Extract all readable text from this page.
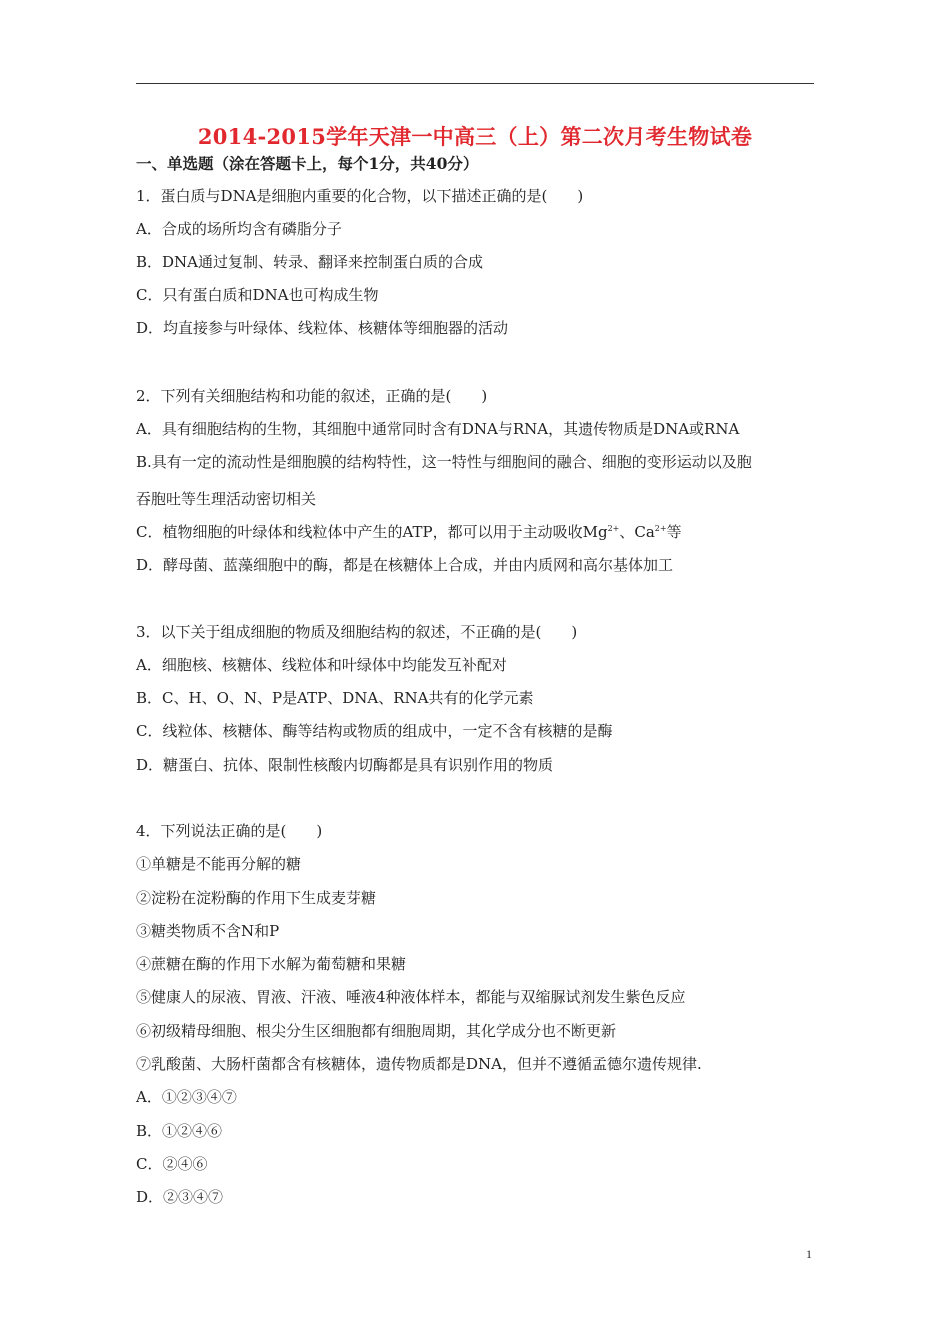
2014-2015学年天津一中高三（上）第二次月考生物试卷
一、单选题（涂在答题卡上，每个1分，共40分）
1．蛋白质与DNA是细胞内重要的化合物，以下描述正确的是(　　)
A．合成的场所均含有磷脂分子
B．DNA通过复制、转录、翻译来控制蛋白质的合成
C．只有蛋白质和DNA也可构成生物
D．均直接参与叶绿体、线粒体、核糖体等细胞器的活动
2．下列有关细胞结构和功能的叙述，正确的是(　　)
A．具有细胞结构的生物，其细胞中通常同时含有DNA与RNA，其遗传物质是DNA或RNA
B.具有一定的流动性是细胞膜的结构特性，这一特性与细胞间的融合、细胞的变形运动以及胞
吞胞吐等生理活动密切相关
C．植物细胞的叶绿体和线粒体中产生的ATP，都可以用于主动吸收$Mg^{2+}$、$Ca^{2+}$等
D．酵母菌、蓝藻细胞中的酶，都是在核糖体上合成，并由内质网和高尔基体加工
3．以下关于组成细胞的物质及细胞结构的叙述，不正确的是(　　)
A．细胞核、核糖体、线粒体和叶绿体中均能发互补配对
B．C、H、O、N、P是ATP、DNA、RNA共有的化学元素
C．线粒体、核糖体、酶等结构或物质的组成中，一定不含有核糖的是酶
D．糖蛋白、抗体、限制性核酸内切酶都是具有识别作用的物质
4．下列说法正确的是(　　)
①单糖是不能再分解的糖
②淀粉在淀粉酶的作用下生成麦芽糖
③糖类物质不含N和P
④蔗糖在酶的作用下水解为葡萄糖和果糖
⑤健康人的尿液、胃液、汗液、唾液4种液体样本，都能与双缩脲试剂发生紫色反应
⑥初级精母细胞、根尖分生区细胞都有细胞周期，其化学成分也不断更新
⑦乳酸菌、大肠杆菌都含有核糖体，遗传物质都是DNA，但并不遵循孟德尔遗传规律.
A．①②③④⑦
B．①②④⑥
C．②④⑥
D．②③④⑦
1
